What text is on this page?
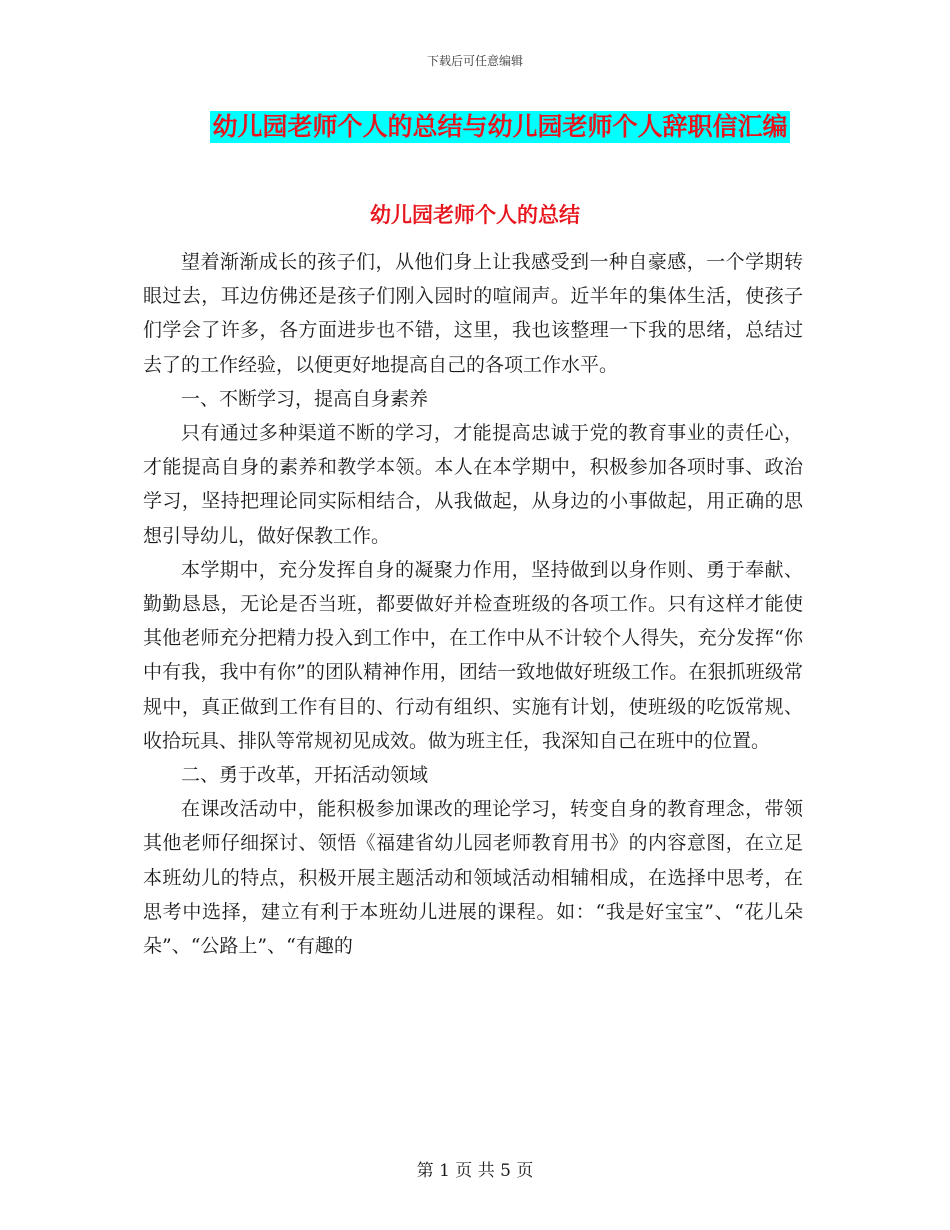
下载后可任意编辑
幼儿园老师个人的总结与幼儿园老师个人辞职信汇编
幼儿园老师个人的总结

望着渐渐成长的孩子们，从他们身上让我感受到一种自豪感，一个学期转眼过去，耳边仿佛还是孩子们刚入园时的喧闹声。近半年的集体生活，使孩子们学会了许多，各方面进步也不错，这里，我也该整理一下我的思绪，总结过去了的工作经验，以便更好地提高自己的各项工作水平。

一、不断学习，提高自身素养

只有通过多种渠道不断的学习，才能提高忠诚于党的教育事业的责任心，才能提高自身的素养和教学本领。本人在本学期中，积极参加各项时事、政治学习，坚持把理论同实际相结合，从我做起，从身边的小事做起，用正确的思想引导幼儿，做好保教工作。

本学期中，充分发挥自身的凝聚力作用，坚持做到以身作则、勇于奉献、勤勤恳恳，无论是否当班，都要做好并检查班级的各项工作。只有这样才能使其他老师充分把精力投入到工作中，在工作中从不计较个人得失，充分发挥“你中有我，我中有你”的团队精神作用，团结一致地做好班级工作。在狠抓班级常规中，真正做到工作有目的、行动有组织、实施有计划，使班级的吃饭常规、收拾玩具、排队等常规初见成效。做为班主任，我深知自己在班中的位置。

二、勇于改革，开拓活动领域

在课改活动中，能积极参加课改的理论学习，转变自身的教育理念，带领其他老师仔细探讨、领悟《福建省幼儿园老师教育用书》的内容意图，在立足本班幼儿的特点，积极开展主题活动和领域活动相辅相成，在选择中思考，在思考中选择，建立有利于本班幼儿进展的课程。如：“我是好宝宝”、“花儿朵朵”、“公路上”、“有趣的

第 1 页 共 5 页
